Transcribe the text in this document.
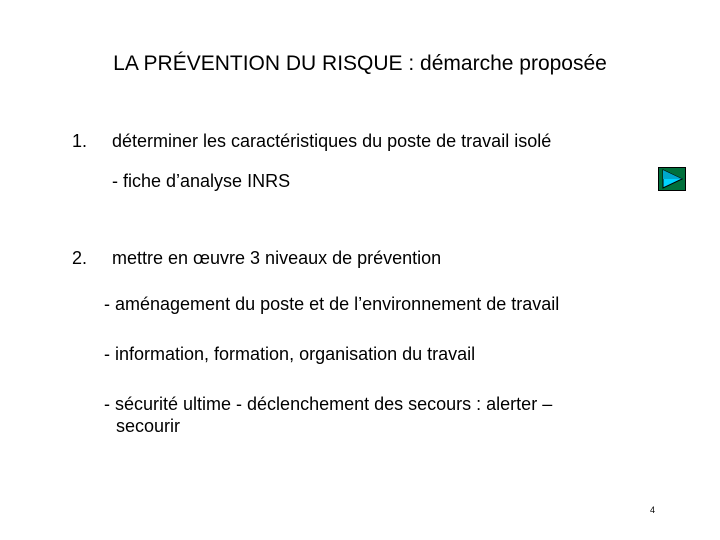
LA PRÉVENTION DU RISQUE : démarche proposée
1. déterminer les caractéristiques du poste de travail isolé
- fiche d’analyse INRS
2. mettre en œuvre 3 niveaux de prévention
- aménagement du poste et de l’environnement de travail
- information, formation, organisation du travail
- sécurité ultime - déclenchement des secours : alerter –
secourir
4
